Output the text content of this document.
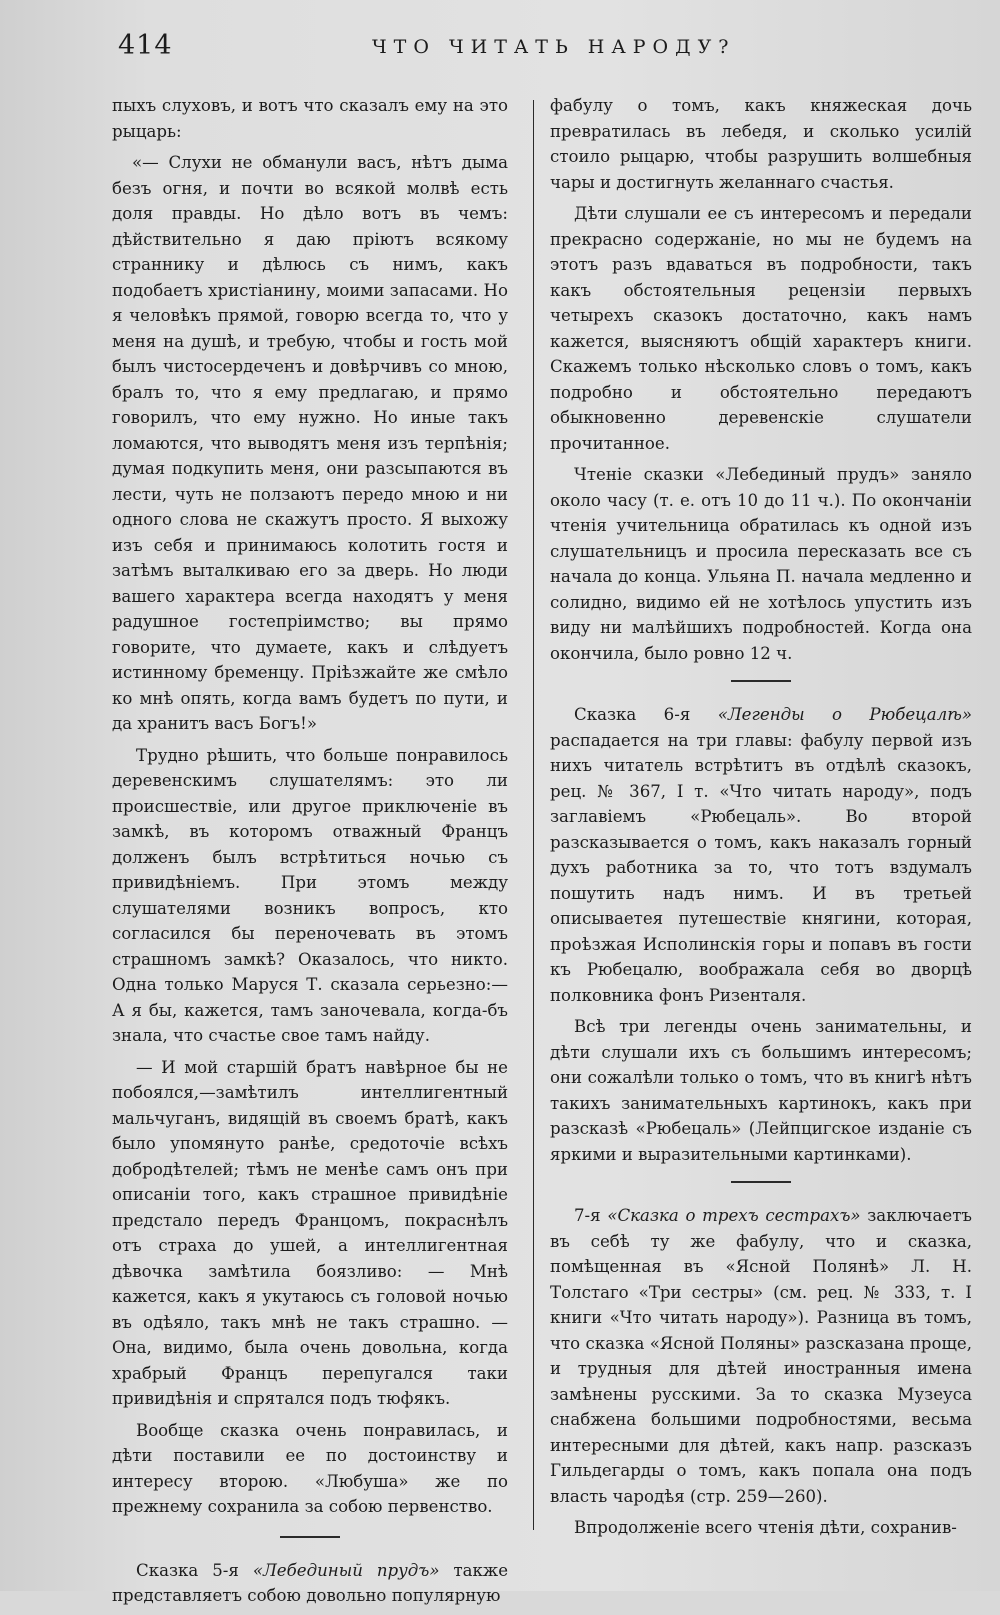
414	ЧТО ЧИТАТЬ НАРОДУ?

пыхъ слуховъ, и вотъ что сказалъ ему на это рыцарь:

«— Слухи не обманули васъ, нѣтъ дыма безъ огня, и почти во всякой молвѣ есть доля правды. Но дѣло вотъ въ чемъ: дѣйствительно я даю пріютъ всякому страннику и дѣлюсь съ нимъ, какъ подобаетъ христіанину, моими запасами. Но я человѣкъ прямой, говорю всегда то, что у меня на душѣ, и требую, чтобы и гость мой былъ чистосердеченъ и довѣрчивъ со мною, бралъ то, что я ему предлагаю, и прямо говорилъ, что ему нужно. Но иные такъ ломаются, что выводятъ меня изъ терпѣнія; думая подкупить меня, они разсыпаются въ лести, чуть не ползаютъ передо мною и ни одного слова не скажутъ просто. Я выхожу изъ себя и принимаюсь колотить гостя и затѣмъ выталкиваю его за дверь. Но люди вашего характера всегда находятъ у меня радушное гостепріимство; вы прямо говорите, что думаете, какъ и слѣдуетъ истинному бременцу. Пріѣзжайте же смѣло ко мнѣ опять, когда вамъ будетъ по пути, и да хранитъ васъ Богъ!»

Трудно рѣшить, что больше понравилось деревенскимъ слушателямъ: это ли происшествіе, или другое приключеніе въ замкѣ, въ которомъ отважный Францъ долженъ былъ встрѣтиться ночью съ привидѣніемъ. При этомъ между слушателями возникъ вопросъ, кто согласился бы переночевать въ этомъ страшномъ замкѣ? Оказалось, что никто. Одна только Маруся Т. сказала серьезно:— А я бы, кажется, тамъ заночевала, когда-бъ знала, что счастье свое тамъ найду.

— И мой старшій братъ навѣрное бы не побоялся,—замѣтилъ интеллигентный мальчуганъ, видящій въ своемъ братѣ, какъ было упомянуто ранѣе, средоточіе всѣхъ добродѣтелей; тѣмъ не менѣе самъ онъ при описаніи того, какъ страшное привидѣніе предстало передъ Францомъ, покраснѣлъ отъ страха до ушей, а интеллигентная дѣвочка замѣтила боязливо: — Мнѣ кажется, какъ я укутаюсь съ головой ночью въ одѣяло, такъ мнѣ не такъ страшно. — Она, видимо, была очень довольна, когда храбрый Францъ перепугался таки привидѣнія и спрятался подъ тюфякъ.

Вообще сказка очень понравилась, и дѣти поставили ее по достоинству и интересу второю. «Любуша» же по прежнему сохранила за собою первенство.

Сказка 5-я «Лебединый прудъ» также представляетъ собою довольно популярную

фабулу о томъ, какъ княжеская дочь превратилась въ лебедя, и сколько усилій стоило рыцарю, чтобы разрушить волшебныя чары и достигнуть желаннаго счастья.

Дѣти слушали ее съ интересомъ и передали прекрасно содержаніе, но мы не будемъ на этотъ разъ вдаваться въ подробности, такъ какъ обстоятельныя рецензіи первыхъ четырехъ сказокъ достаточно, какъ намъ кажется, выясняютъ общій характеръ книги. Скажемъ только нѣсколько словъ о томъ, какъ подробно и обстоятельно передаютъ обыкновенно деревенскіе слушатели прочитанное.

Чтеніе сказки «Лебединый прудъ» заняло около часу (т. е. отъ 10 до 11 ч.). По окончаніи чтенія учительница обратилась къ одной изъ слушательницъ и просила пересказать все съ начала до конца. Ульяна П. начала медленно и солидно, видимо ей не хотѣлось упустить изъ виду ни малѣйшихъ подробностей. Когда она окончила, было ровно 12 ч.

Сказка 6-я «Легенды о Рюбецалѣ» распадается на три главы: фабулу первой изъ нихъ читатель встрѣтитъ въ отдѣлѣ сказокъ, рец. № 367, I т. «Что читать народу», подъ заглавіемъ «Рюбецаль». Во второй разсказывается о томъ, какъ наказалъ горный духъ работника за то, что тотъ вздумалъ пошутить надъ нимъ. И въ третьей описываетея путешествіе княгини, которая, проѣзжая Исполинскія горы и попавъ въ гости къ Рюбецалю, воображала себя во дворцѣ полковника фонъ Ризенталя.

Всѣ три легенды очень занимательны, и дѣти слушали ихъ съ большимъ интересомъ; они сожалѣли только о томъ, что въ книгѣ нѣтъ такихъ занимательныхъ картинокъ, какъ при разсказѣ «Рюбецаль» (Лейпцигское изданіе съ яркими и выразительными картинками).

7-я «Сказка о трехъ сестрахъ» заключаетъ въ себѣ ту же фабулу, что и сказка, помѣщенная въ «Ясной Полянѣ» Л. Н. Толстаго «Три сестры» (см. рец. № 333, т. I книги «Что читать народу»). Разница въ томъ, что сказка «Ясной Поляны» разсказана проще, и трудныя для дѣтей иностранныя имена замѣнены русскими. За то сказка Музеуса снабжена большими подробностями, весьма интересными для дѣтей, какъ напр. разсказъ Гильдегарды о томъ, какъ попала она подъ власть чародѣя (стр. 259—260).

Впродолженіе всего чтенія дѣти, сохранив-
